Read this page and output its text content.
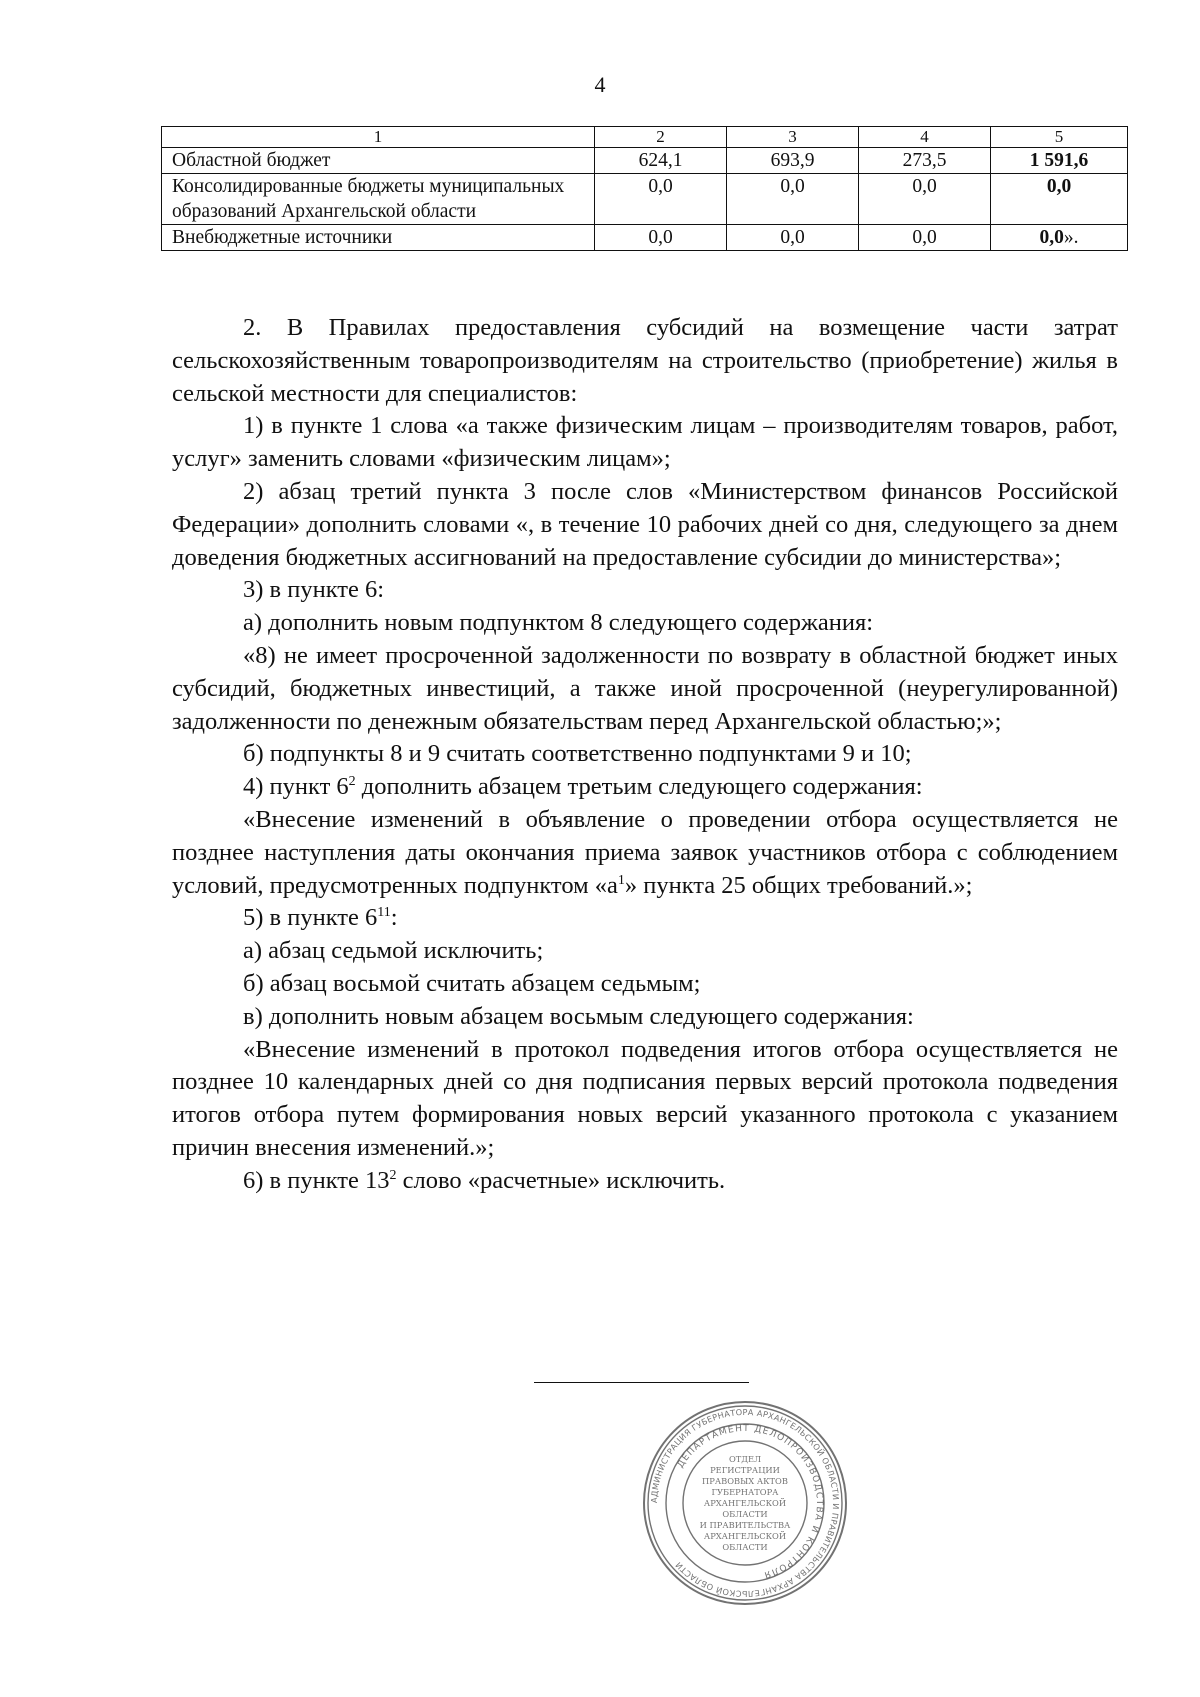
4
1	2	3	4	5
Областной бюджет	624,1	693,9	273,5	1 591,6
Консолидированные бюджеты муниципальных образований Архангельской области	0,0	0,0	0,0	0,0
Внебюджетные источники	0,0	0,0	0,0	0,0».

2. В Правилах предоставления субсидий на возмещение части затрат сельскохозяйственным товаропроизводителям на строительство (приобретение) жилья в сельской местности для специалистов:

1) в пункте 1 слова «а также физическим лицам – производителям товаров, работ, услуг» заменить словами «физическим лицам»;

2) абзац третий пункта 3 после слов «Министерством финансов Российской Федерации» дополнить словами «, в течение 10 рабочих дней со дня, следующего за днем доведения бюджетных ассигнований на предоставление субсидии до министерства»;

3) в пункте 6:

а) дополнить новым подпунктом 8 следующего содержания:

«8) не имеет просроченной задолженности по возврату в областной бюджет иных субсидий, бюджетных инвестиций, а также иной просроченной (неурегулированной) задолженности по денежным обязательствам перед Архангельской областью;»;

б) подпункты 8 и 9 считать соответственно подпунктами 9 и 10;

4) пункт $6^2$ дополнить абзацем третьим следующего содержания:

«Внесение изменений в объявление о проведении отбора осуществляется не позднее наступления даты окончания приема заявок участников отбора с соблюдением условий, предусмотренных подпунктом «$а^1$» пункта 25 общих требований.»;

5) в пункте $6^{11}$:

а) абзац седьмой исключить;

б) абзац восьмой считать абзацем седьмым;

в) дополнить новым абзацем восьмым следующего содержания:

«Внесение изменений в протокол подведения итогов отбора осуществляется не позднее 10 календарных дней со дня подписания первых версий протокола подведения итогов отбора путем формирования новых версий указанного протокола с указанием причин внесения изменений.»;

6) в пункте $13^2$ слово «расчетные» исключить.

АДМИНИСТРАЦИЯ ГУБЕРНАТОРА АРХАНГЕЛЬСКОЙ ОБЛАСТИ И ПРАВИТЕЛЬСТВА АРХАНГЕЛЬСКОЙ ОБЛАСТИ
ДЕПАРТАМЕНТ ДЕЛОПРОИЗВОДСТВА И КОНТРОЛЯ
ОТДЕЛ
РЕГИСТРАЦИИ
ПРАВОВЫХ АКТОВ
ГУБЕРНАТОРА
АРХАНГЕЛЬСКОЙ
ОБЛАСТИ
И ПРАВИТЕЛЬСТВА
АРХАНГЕЛЬСКОЙ
ОБЛАСТИ
